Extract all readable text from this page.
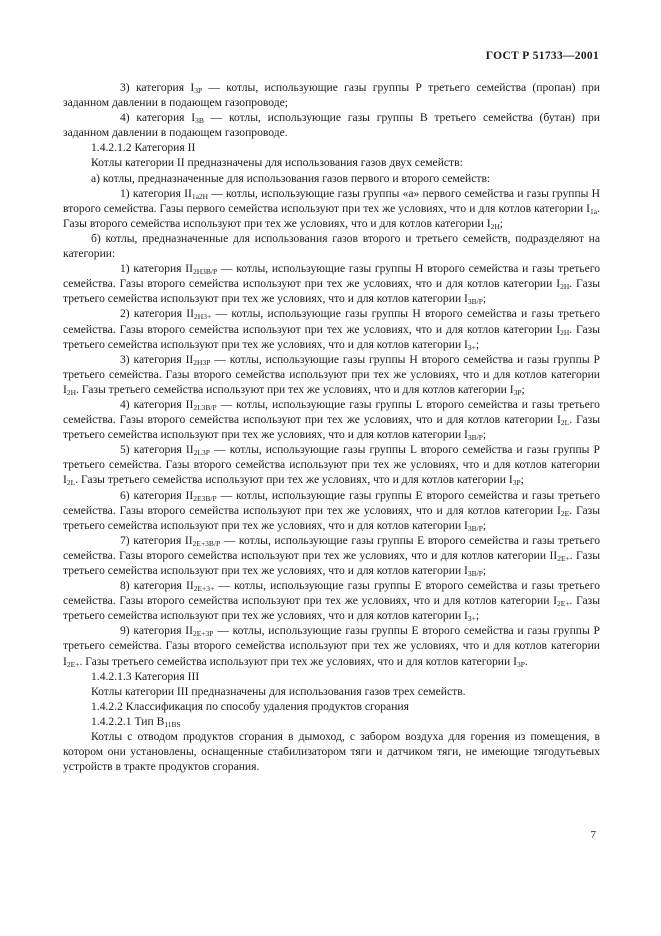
ГОСТ Р 51733—2001

3) категория $I_{3P}$ — котлы, использующие газы группы Р третьего семейства (пропан) при заданном давлении в подающем газопроводе;

4) категория $I_{3B}$ — котлы, использующие газы группы В третьего семейства (бутан) при заданном давлении в подающем газопроводе.

1.4.2.1.2 Категория II

Котлы категории II предназначены для использования газов двух семейств:

а) котлы, предназначенные для использования газов первого и второго семейств:

1) категория $II_{1a2H}$ — котлы, использующие газы группы «а» первого семейства и газы группы Н второго семейства. Газы первого семейства используют при тех же условиях, что и для котлов категории $I_{1a}$. Газы второго семейства используют при тех же условиях, что и для котлов категории $I_{2H}$;

б) котлы, предназначенные для использования газов второго и третьего семейств, подразделяют на категории:

1) категория $II_{2H3B/P}$ — котлы, использующие газы группы Н второго семейства и газы третьего семейства. Газы второго семейства используют при тех же условиях, что и для котлов категории $I_{2H}$. Газы третьего семейства используют при тех же условиях, что и для котлов категории $I_{3B/P}$;

2) категория $II_{2H3+}$ — котлы, использующие газы группы Н второго семейства и газы третьего семейства. Газы второго семейства используют при тех же условиях, что и для котлов категории $I_{2H}$. Газы третьего семейства используют при тех же условиях, что и для котлов категории $I_{3+}$;

3) категория $II_{2H3P}$ — котлы, использующие газы группы Н второго семейства и газы группы Р третьего семейства. Газы второго семейства используют при тех же условиях, что и для котлов категории $I_{2H}$. Газы третьего семейства используют при тех же условиях, что и для котлов категории $I_{3P}$;

4) категория $II_{2L3B/P}$ — котлы, использующие газы группы L второго семейства и газы третьего семейства. Газы второго семейства используют при тех же условиях, что и для котлов категории $I_{2L}$. Газы третьего семейства используют при тех же условиях, что и для котлов категории $I_{3B/P}$;

5) категория $II_{2L3P}$ — котлы, использующие газы группы L второго семейства и газы группы Р третьего семейства. Газы второго семейства используют при тех же условиях, что и для котлов категории $I_{2L}$. Газы третьего семейства используют при тех же условиях, что и для котлов категории $I_{3P}$;

6) категория $II_{2E3B/P}$ — котлы, использующие газы группы Е второго семейства и газы третьего семейства. Газы второго семейства используют при тех же условиях, что и для котлов категории $I_{2E}$. Газы третьего семейства используют при тех же условиях, что и для котлов категории $I_{3B/P}$;

7) категория $II_{2E+3B/P}$ — котлы, использующие газы группы Е второго семейства и газы третьего семейства. Газы второго семейства используют при тех же условиях, что и для котлов категории $II_{2E+}$. Газы третьего семейства используют при тех же условиях, что и для котлов категории $I_{3B/P}$;

8) категория $II_{2E+3+}$ — котлы, использующие газы группы Е второго семейства и газы третьего семейства. Газы второго семейства используют при тех же условиях, что и для котлов категории $I_{2E+}$. Газы третьего семейства используют при тех же условиях, что и для котлов категории $I_{3+}$;

9) категория $II_{2E+3P}$ — котлы, использующие газы группы Е второго семейства и газы группы Р третьего семейства. Газы второго семейства используют при тех же условиях, что и для котлов категории $I_{2E+}$. Газы третьего семейства используют при тех же условиях, что и для котлов категории $I_{3P}$.

1.4.2.1.3 Категория III

Котлы категории III предназначены для использования газов трех семейств.

1.4.2.2 Классификация по способу удаления продуктов сгорания

1.4.2.2.1 Тип $B_{11BS}$

Котлы с отводом продуктов сгорания в дымоход, с забором воздуха для горения из помещения, в котором они установлены, оснащенные стабилизатором тяги и датчиком тяги, не имеющие тягодутьевых устройств в тракте продуктов сгорания.

7
